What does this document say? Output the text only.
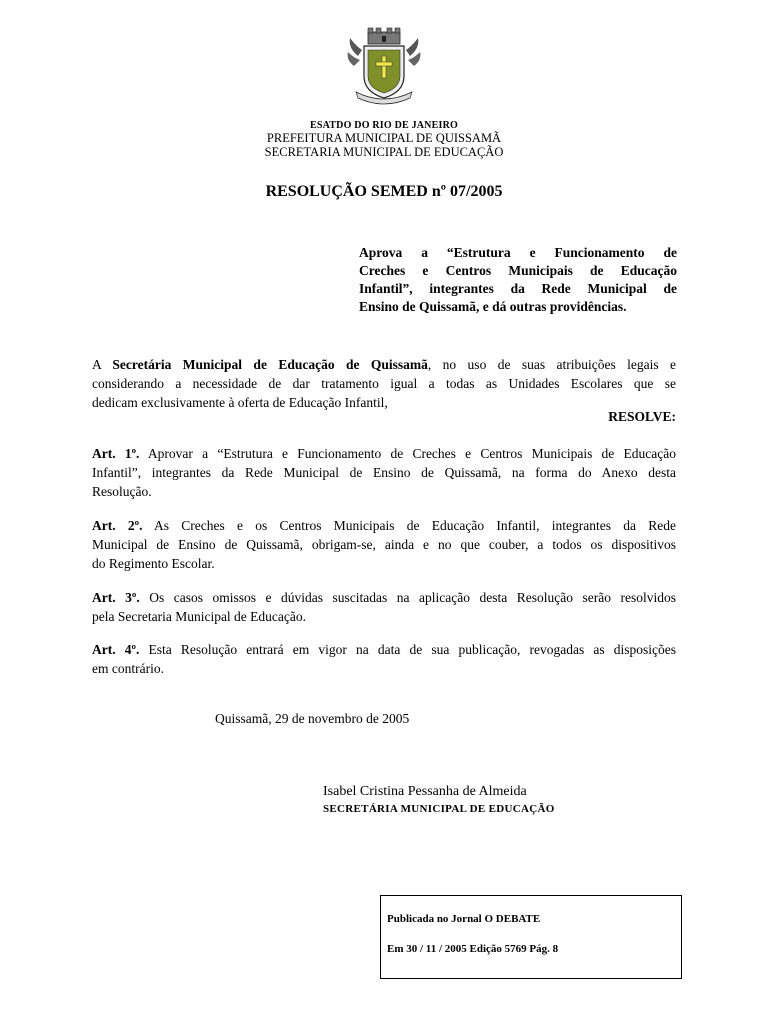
ESATDO DO RIO DE JANEIRO
PREFEITURA MUNICIPAL DE QUISSAMÃ
SECRETARIA MUNICIPAL DE EDUCAÇÃO
RESOLUÇÃO SEMED nº 07/2005
Aprova a “Estrutura e Funcionamento de
Creches e Centros Municipais de Educação
Infantil”, integrantes da Rede Municipal de
Ensino de Quissamã, e dá outras providências.
A Secretária Municipal de Educação de Quissamã, no uso de suas atribuições legais e
considerando a necessidade de dar tratamento igual a todas as Unidades Escolares que se
dedicam exclusivamente à oferta de Educação Infantil,
RESOLVE:
Art. 1º. Aprovar a “Estrutura e Funcionamento de Creches e Centros Municipais de Educação
Infantil”, integrantes da Rede Municipal de Ensino de Quissamã, na forma do Anexo desta
Resolução.
Art. 2º. As Creches e os Centros Municipais de Educação Infantil, integrantes da Rede
Municipal de Ensino de Quissamã, obrigam-se, ainda e no que couber, a todos os dispositivos
do Regimento Escolar.
Art. 3º. Os casos omissos e dúvidas suscitadas na aplicação desta Resolução serão resolvidos
pela Secretaria Municipal de Educação.
Art. 4º. Esta Resolução entrará em vigor na data de sua publicação, revogadas as disposições
em contrário.
Quissamã, 29 de novembro de 2005
Isabel Cristina Pessanha de Almeida
SECRETÁRIA MUNICIPAL DE EDUCAÇÃO
Publicada no Jornal O DEBATE
Em 30 / 11 / 2005 Edição 5769 Pág. 8
